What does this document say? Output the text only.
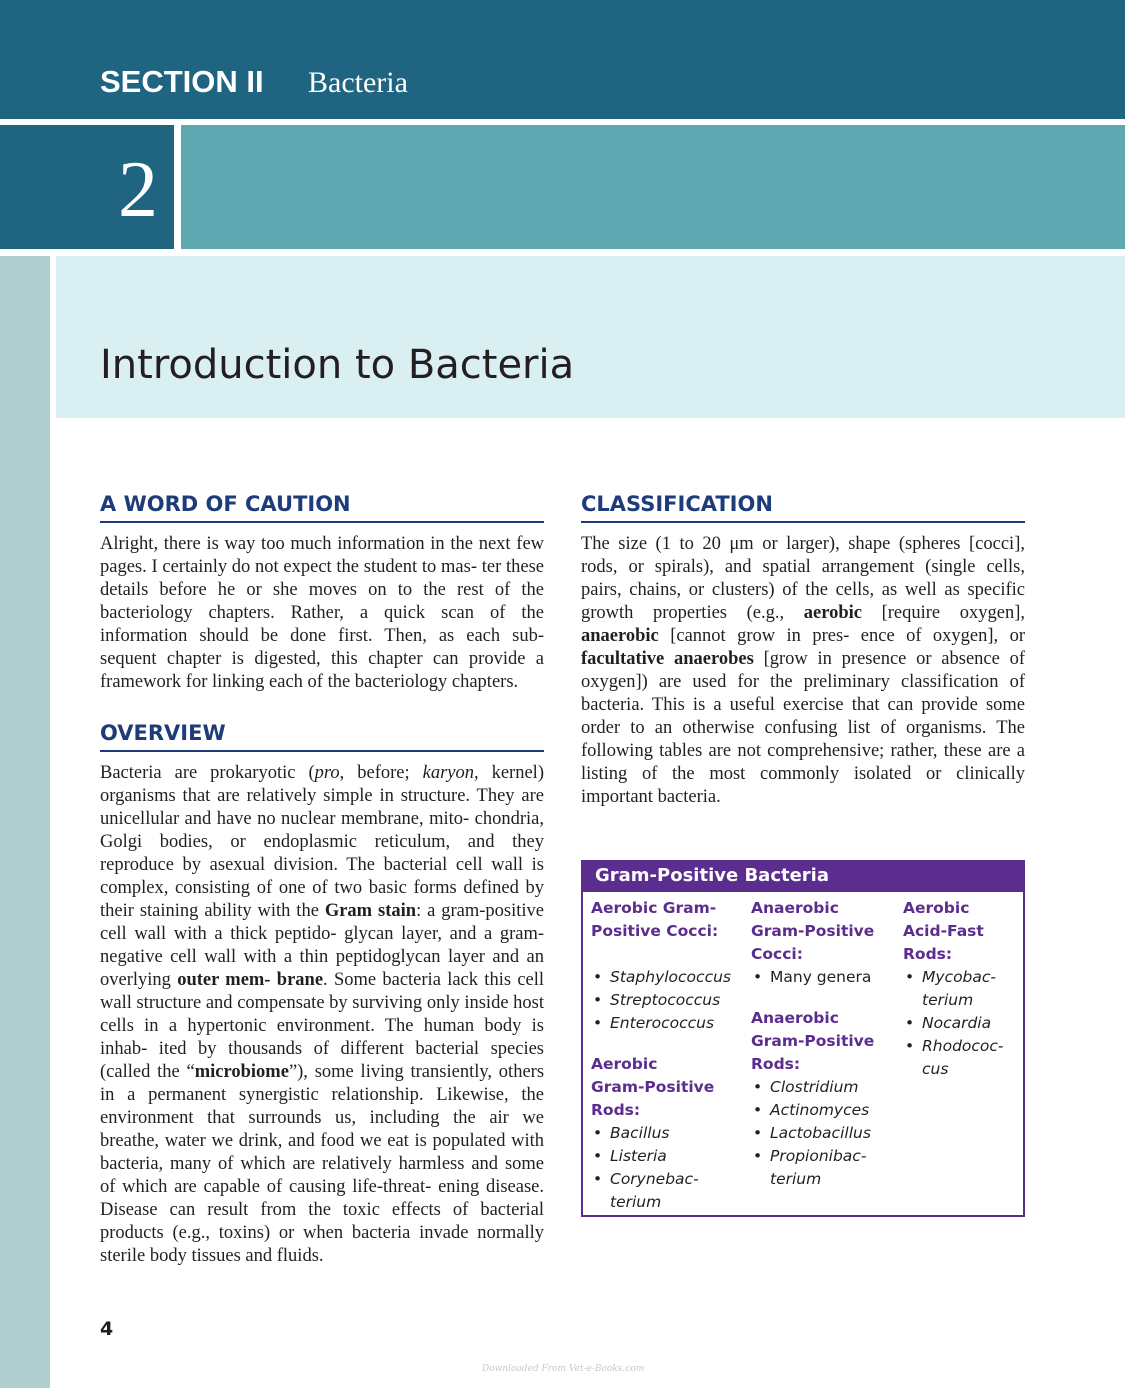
SECTION II Bacteria
2
Introduction to Bacteria
A WORD OF CAUTION
Alright, there is way too much information in the next few pages. I certainly do not expect the student to mas- ter these details before he or she moves on to the rest of the bacteriology chapters. Rather, a quick scan of the information should be done first. Then, as each sub- sequent chapter is digested, this chapter can provide a framework for linking each of the bacteriology chapters.
OVERVIEW
Bacteria are prokaryotic (pro, before; karyon, kernel) organisms that are relatively simple in structure. They are unicellular and have no nuclear membrane, mito- chondria, Golgi bodies, or endoplasmic reticulum, and they reproduce by asexual division. The bacterial cell wall is complex, consisting of one of two basic forms defined by their staining ability with the Gram stain: a gram-positive cell wall with a thick peptido- glycan layer, and a gram-negative cell wall with a thin peptidoglycan layer and an overlying outer mem- brane. Some bacteria lack this cell wall structure and compensate by surviving only inside host cells in a hypertonic environment. The human body is inhab- ited by thousands of different bacterial species (called the “microbiome”), some living transiently, others in a permanent synergistic relationship. Likewise, the environment that surrounds us, including the air we breathe, water we drink, and food we eat is populated with bacteria, many of which are relatively harmless and some of which are capable of causing life-threat- ening disease. Disease can result from the toxic effects of bacterial products (e.g., toxins) or when bacteria invade normally sterile body tissues and fluids.
CLASSIFICATION
The size (1 to 20 μm or larger), shape (spheres [cocci], rods, or spirals), and spatial arrangement (single cells, pairs, chains, or clusters) of the cells, as well as specific growth properties (e.g., aerobic [require oxygen], anaerobic [cannot grow in pres- ence of oxygen], or facultative anaerobes [grow in presence or absence of oxygen]) are used for the preliminary classification of bacteria. This is a useful exercise that can provide some order to an otherwise confusing list of organisms. The following tables are not comprehensive; rather, these are a listing of the most commonly isolated or clinically important bacteria.
Gram-Positive Bacteria
Aerobic Gram-
Positive Cocci:
• Staphylococcus
• Streptococcus
• Enterococcus
Aerobic
Gram-Positive
Rods:
• Bacillus
• Listeria
• Corynebac-
terium
Anaerobic
Gram-Positive
Cocci:
• Many genera
Anaerobic
Gram-Positive
Rods:
• Clostridium
• Actinomyces
• Lactobacillus
• Propionibac-
terium
Aerobic
Acid-Fast
Rods:
• Mycobac-
terium
• Nocardia
• Rhodococ-
cus
4
Downloaded From Vet-e-Books.com
